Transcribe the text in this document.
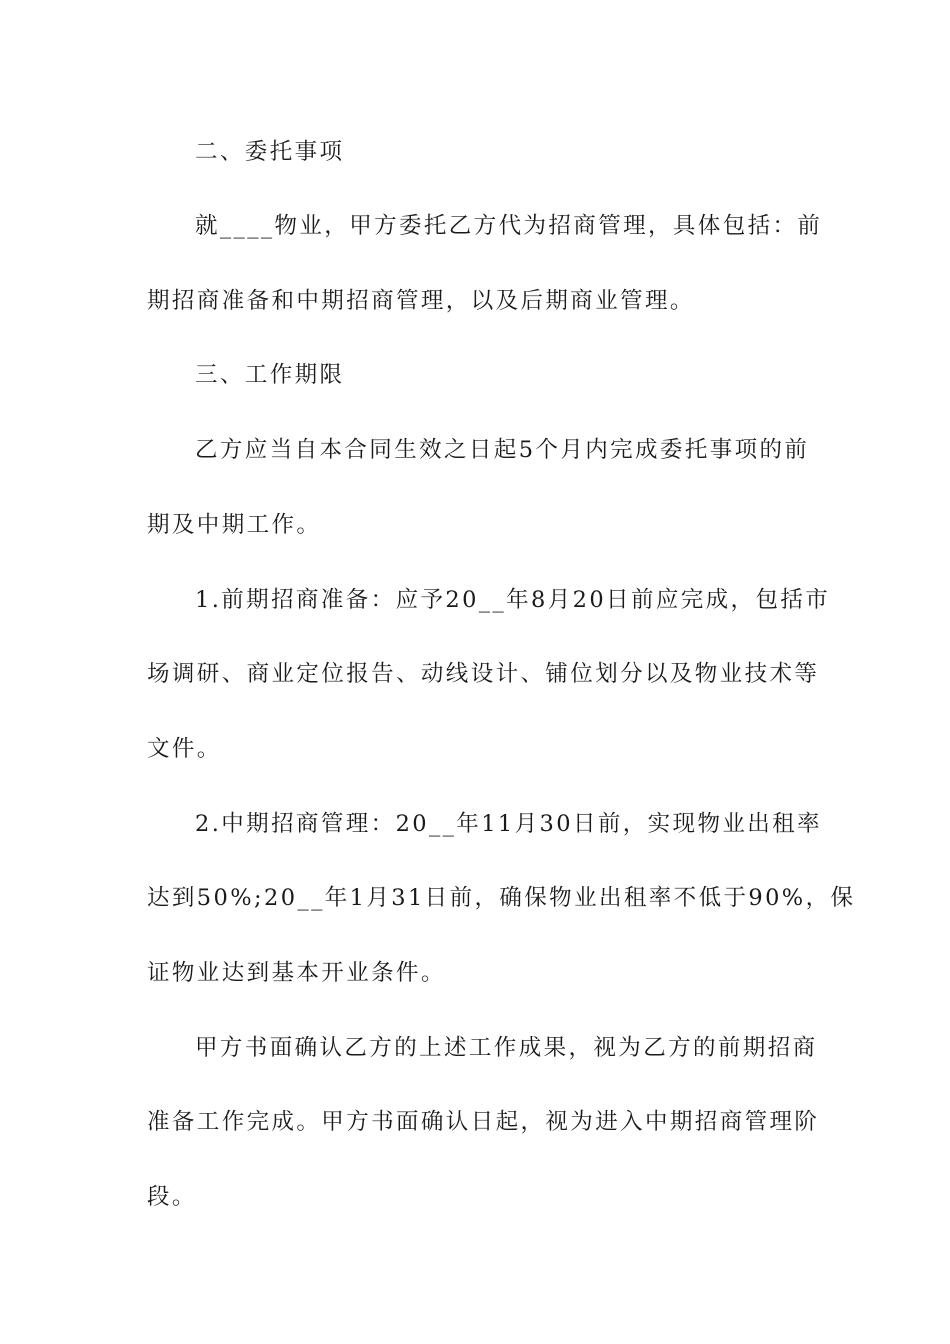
二、委托事项
就____物业，甲方委托乙方代为招商管理，具体包括：前
期招商准备和中期招商管理，以及后期商业管理。
三、工作期限
乙方应当自本合同生效之日起5个月内完成委托事项的前
期及中期工作。
1.前期招商准备：应予20__年8月20日前应完成，包括市
场调研、商业定位报告、动线设计、铺位划分以及物业技术等
文件。
2.中期招商管理：20__年11月30日前，实现物业出租率
达到50%;20__年1月31日前，确保物业出租率不低于90%，保
证物业达到基本开业条件。
甲方书面确认乙方的上述工作成果，视为乙方的前期招商
准备工作完成。甲方书面确认日起，视为进入中期招商管理阶
段。
